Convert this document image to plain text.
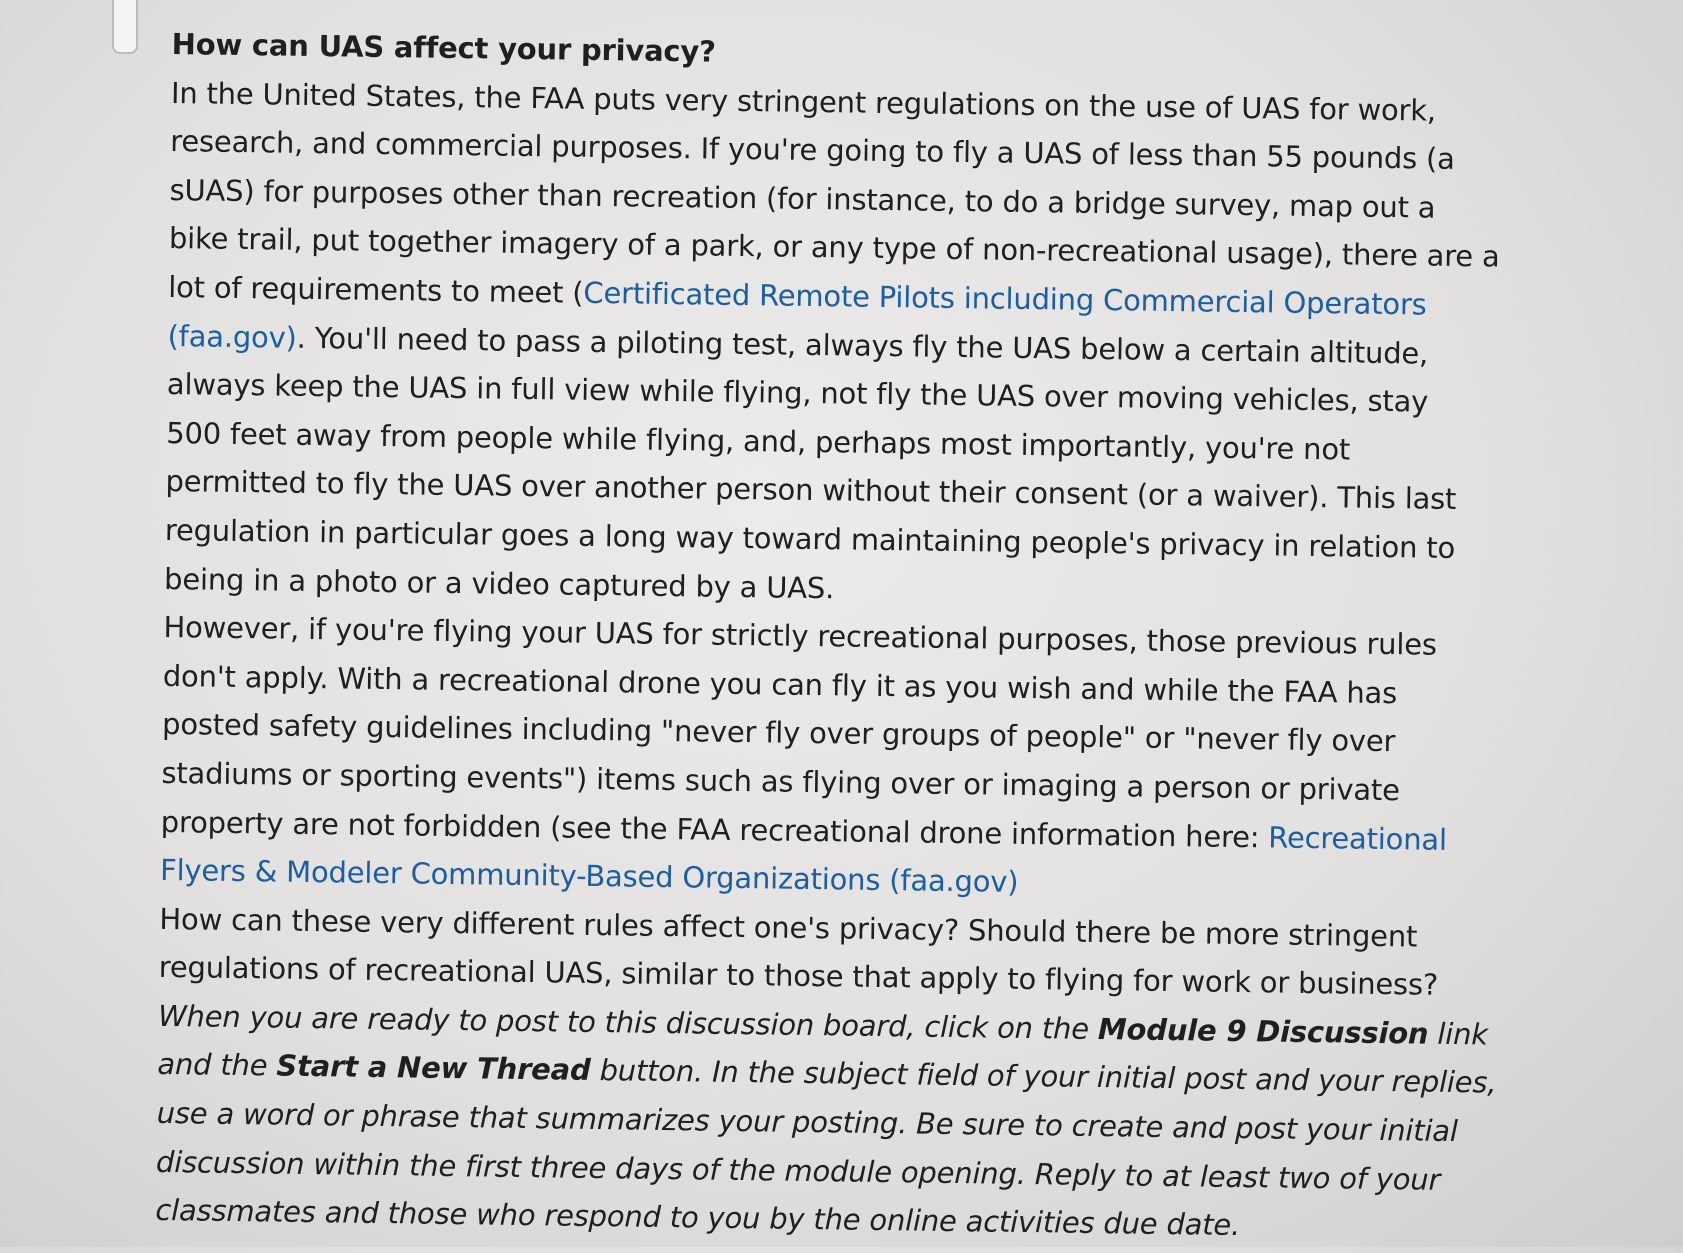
How can UAS affect your privacy?
In the United States, the FAA puts very stringent regulations on the use of UAS for work,
research, and commercial purposes. If you're going to fly a UAS of less than 55 pounds (a
sUAS) for purposes other than recreation (for instance, to do a bridge survey, map out a
bike trail, put together imagery of a park, or any type of non-recreational usage), there are a
lot of requirements to meet (Certificated Remote Pilots including Commercial Operators
(faa.gov). You'll need to pass a piloting test, always fly the UAS below a certain altitude,
always keep the UAS in full view while flying, not fly the UAS over moving vehicles, stay
500 feet away from people while flying, and, perhaps most importantly, you're not
permitted to fly the UAS over another person without their consent (or a waiver). This last
regulation in particular goes a long way toward maintaining people's privacy in relation to
being in a photo or a video captured by a UAS.
However, if you're flying your UAS for strictly recreational purposes, those previous rules
don't apply. With a recreational drone you can fly it as you wish and while the FAA has
posted safety guidelines including "never fly over groups of people" or "never fly over
stadiums or sporting events") items such as flying over or imaging a person or private
property are not forbidden (see the FAA recreational drone information here: Recreational
Flyers & Modeler Community-Based Organizations (faa.gov)
How can these very different rules affect one's privacy? Should there be more stringent
regulations of recreational UAS, similar to those that apply to flying for work or business?
When you are ready to post to this discussion board, click on the Module 9 Discussion link
and the Start a New Thread button. In the subject field of your initial post and your replies,
use a word or phrase that summarizes your posting. Be sure to create and post your initial
discussion within the first three days of the module opening. Reply to at least two of your
classmates and those who respond to you by the online activities due date.
